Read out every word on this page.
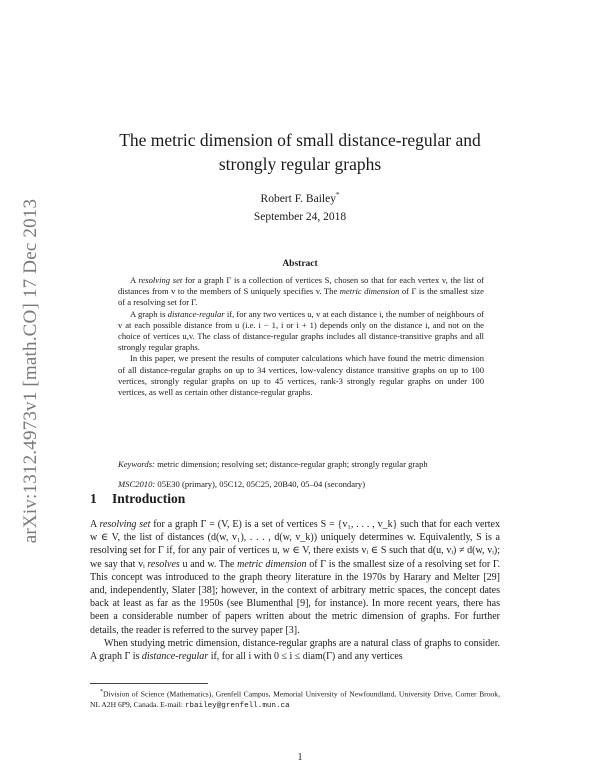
arXiv:1312.4973v1 [math.CO] 17 Dec 2013
The metric dimension of small distance-regular and
strongly regular graphs
Robert F. Bailey*
September 24, 2018
Abstract

A resolving set for a graph Γ is a collection of vertices S, chosen so that for each vertex v, the list of distances from v to the members of S uniquely specifies v. The metric dimension of Γ is the smallest size of a resolving set for Γ.

A graph is distance-regular if, for any two vertices u, v at each distance i, the number of neighbours of v at each possible distance from u (i.e. i − 1, i or i + 1) depends only on the distance i, and not on the choice of vertices u,v. The class of distance-regular graphs includes all distance-transitive graphs and all strongly regular graphs.

In this paper, we present the results of computer calculations which have found the metric dimension of all distance-regular graphs on up to 34 vertices, low-valency distance transitive graphs on up to 100 vertices, strongly regular graphs on up to 45 vertices, rank-3 strongly regular graphs on under 100 vertices, as well as certain other distance-regular graphs.

Keywords: metric dimension; resolving set; distance-regular graph; strongly regular graph
MSC2010: 05E30 (primary), 05C12, 05C25, 20B40, 05–04 (secondary)
1 Introduction

A resolving set for a graph Γ = (V, E) is a set of vertices S = {v₁, . . . , v_k} such that for each vertex w ∈ V, the list of distances (d(w, v₁), . . . , d(w, v_k)) uniquely determines w. Equivalently, S is a resolving set for Γ if, for any pair of vertices u, w ∈ V, there exists vᵢ ∈ S such that d(u, vᵢ) ≠ d(w, vᵢ); we say that vᵢ resolves u and w. The metric dimension of Γ is the smallest size of a resolving set for Γ. This concept was introduced to the graph theory literature in the 1970s by Harary and Melter [29] and, independently, Slater [38]; however, in the context of arbitrary metric spaces, the concept dates back at least as far as the 1950s (see Blumenthal [9], for instance). In more recent years, there has been a considerable number of papers written about the metric dimension of graphs. For further details, the reader is referred to the survey paper [3].

When studying metric dimension, distance-regular graphs are a natural class of graphs to consider. A graph Γ is distance-regular if, for all i with 0 ≤ i ≤ diam(Γ) and any vertices

*Division of Science (Mathematics), Grenfell Campus, Memorial University of Newfoundland, University Drive, Corner Brook, NL A2H 6P9, Canada. E-mail: rbailey@grenfell.mun.ca
1
